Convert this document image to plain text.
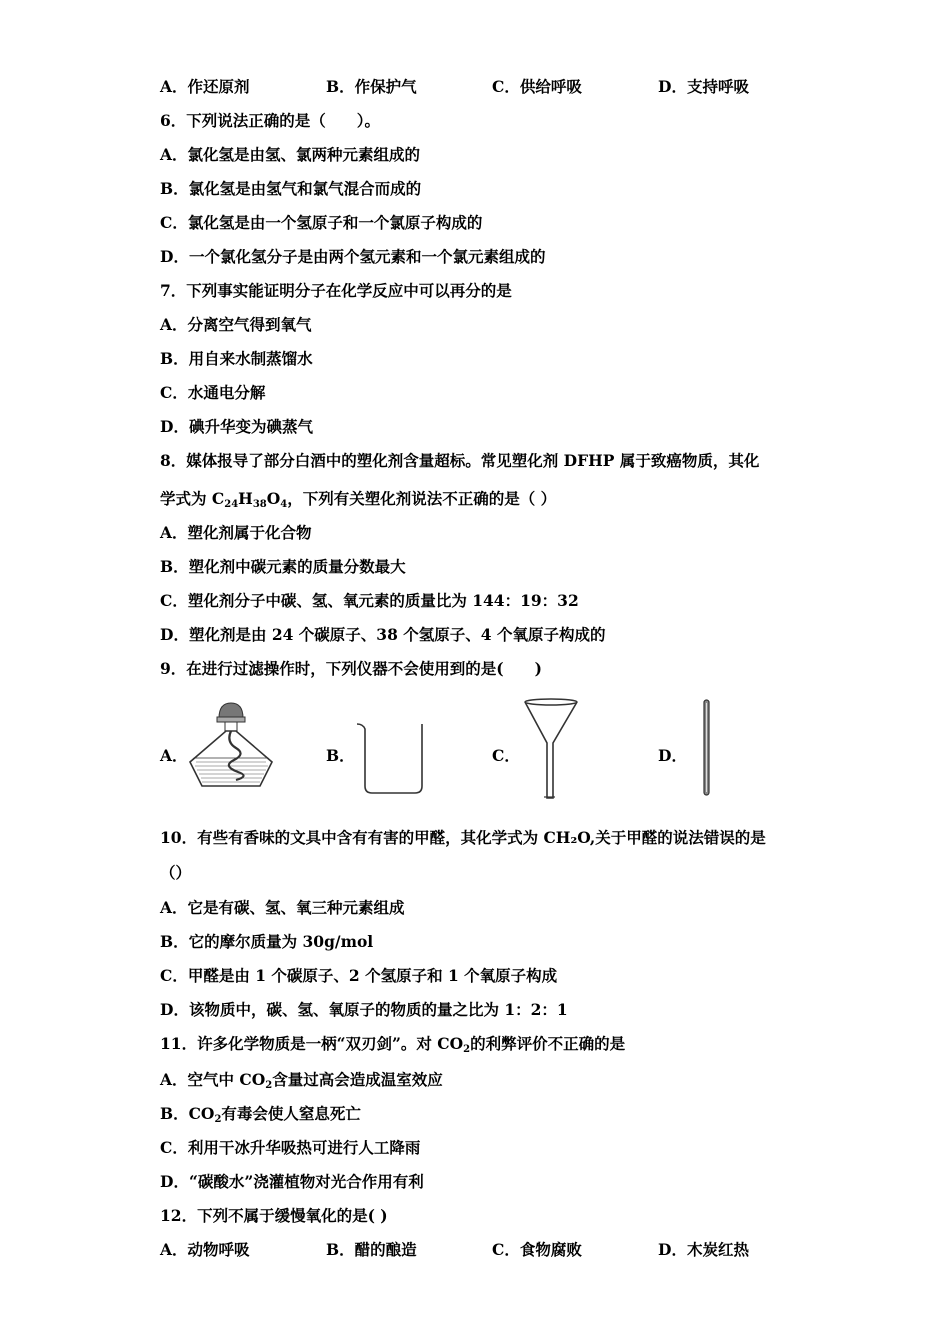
A．作还原剂	B．作保护气	C．供给呼吸	D．支持呼吸
6．下列说法正确的是（　　）。
A．氯化氢是由氢、氯两种元素组成的
B．氯化氢是由氢气和氯气混合而成的
C．氯化氢是由一个氢原子和一个氯原子构成的
D．一个氯化氢分子是由两个氢元素和一个氯元素组成的
7．下列事实能证明分子在化学反应中可以再分的是
A．分离空气得到氧气
B．用自来水制蒸馏水
C．水通电分解
D．碘升华变为碘蒸气
8．媒体报导了部分白酒中的塑化剂含量超标。常见塑化剂 DFHP 属于致癌物质，其化
学式为 $C_{24}H_{38}O_4$，下列有关塑化剂说法不正确的是（ ）
A．塑化剂属于化合物
B．塑化剂中碳元素的质量分数最大
C．塑化剂分子中碳、氢、氧元素的质量比为 144：19：32
D．塑化剂是由 24 个碳原子、38 个氢原子、4 个氧原子构成的
9．在进行过滤操作时，下列仪器不会使用到的是(　　)
A．	B．	C．	D．
10．有些有香味的文具中含有有害的甲醛，其化学式为 CH₂O,关于甲醛的说法错误的是
（）
A．它是有碳、氢、氧三种元素组成
B．它的摩尔质量为 30g/mol
C．甲醛是由 1 个碳原子、2 个氢原子和 1 个氧原子构成
D．该物质中，碳、氢、氧原子的物质的量之比为 1：2：1
11．许多化学物质是一柄“双刃剑”。对 $CO_2$的利弊评价不正确的是
A．空气中 $CO_2$含量过高会造成温室效应
B．$CO_2$有毒会使人窒息死亡
C．利用干冰升华吸热可进行人工降雨
D．“碳酸水”浇灌植物对光合作用有利
12．下列不属于缓慢氧化的是( )
A．动物呼吸	B．醋的酿造	C．食物腐败	D．木炭红热
